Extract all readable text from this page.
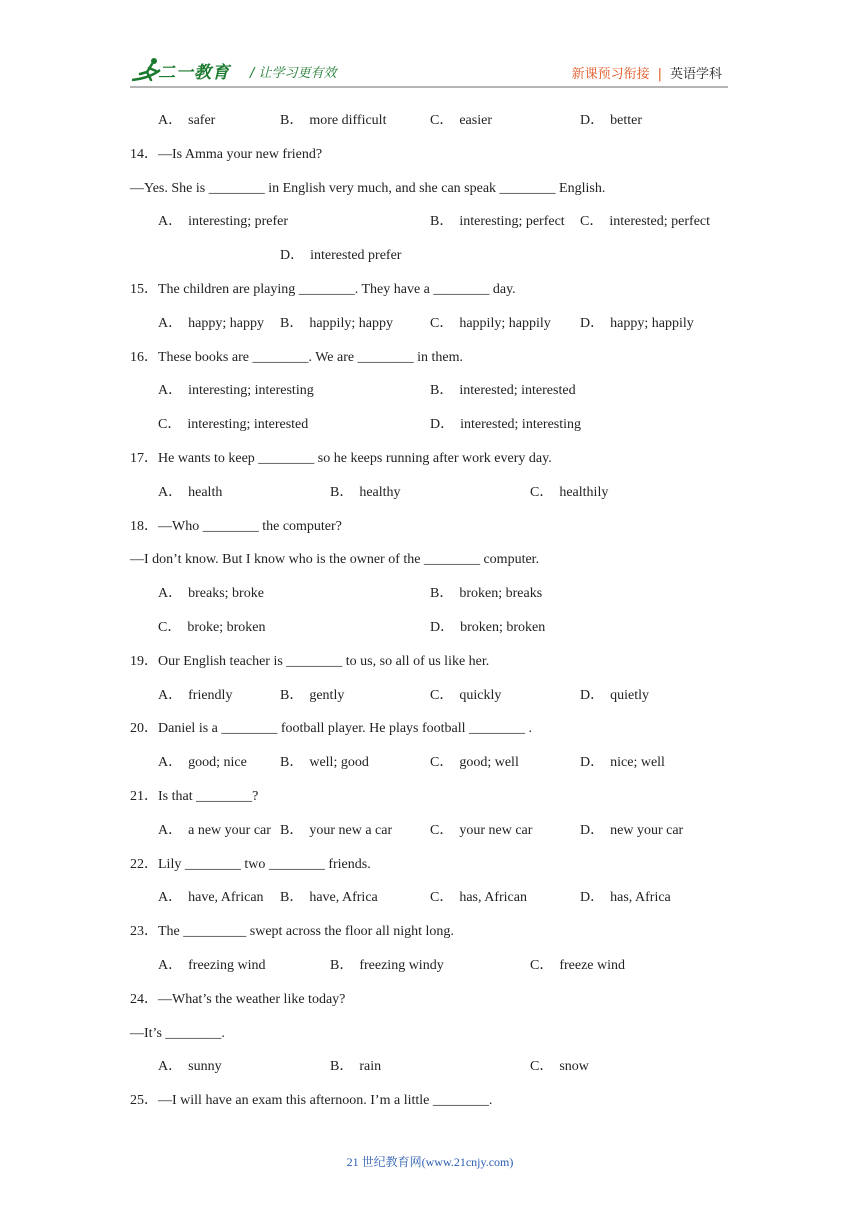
二一教育 / 让学习更有效	新课预习衔接 | 英语学科
A． safer	B． more difficult	C． easier	D． better
14．—Is Amma your new friend?
—Yes. She is ________ in English very much, and she can speak ________ English.
A． interesting; prefer	B． interesting; perfect C． interested; perfect
D． interested prefer
15．The children are playing ________. They have a ________ day.
A． happy; happy B． happily; happy	C． happily; happily D． happy; happily
16．These books are ________. We are ________ in them.
A． interesting; interesting	B． interested; interested
C． interesting; interested	D． interested; interesting
17．He wants to keep ________ so he keeps running after work every day.
A． health	B． healthy	C． healthily
18．—Who ________ the computer?
—I don’t know. But I know who is the owner of the ________ computer.
A． breaks; broke	B． broken; breaks
C． broke; broken	D． broken; broken
19．Our English teacher is ________ to us, so all of us like her.
A． friendly	B． gently	C． quickly	D． quietly
20．Daniel is a ________ football player. He plays football ________ .
A． good; nice B． well; good	C． good; well	D． nice; well
21．Is that ________?
A． a new your car B． your new a car	C． your new car	D． new your car
22．Lily ________ two ________ friends.
A． have, African B． have, Africa	C． has, African	D． has, Africa
23．The _________ swept across the floor all night long.
A． freezing wind	B． freezing windy	C． freeze wind
24．—What’s the weather like today?
—It’s ________.
A． sunny	B． rain	C． snow
25．—I will have an exam this afternoon. I’m a little ________.
21 世纪教育网(www.21cnjy.com)
